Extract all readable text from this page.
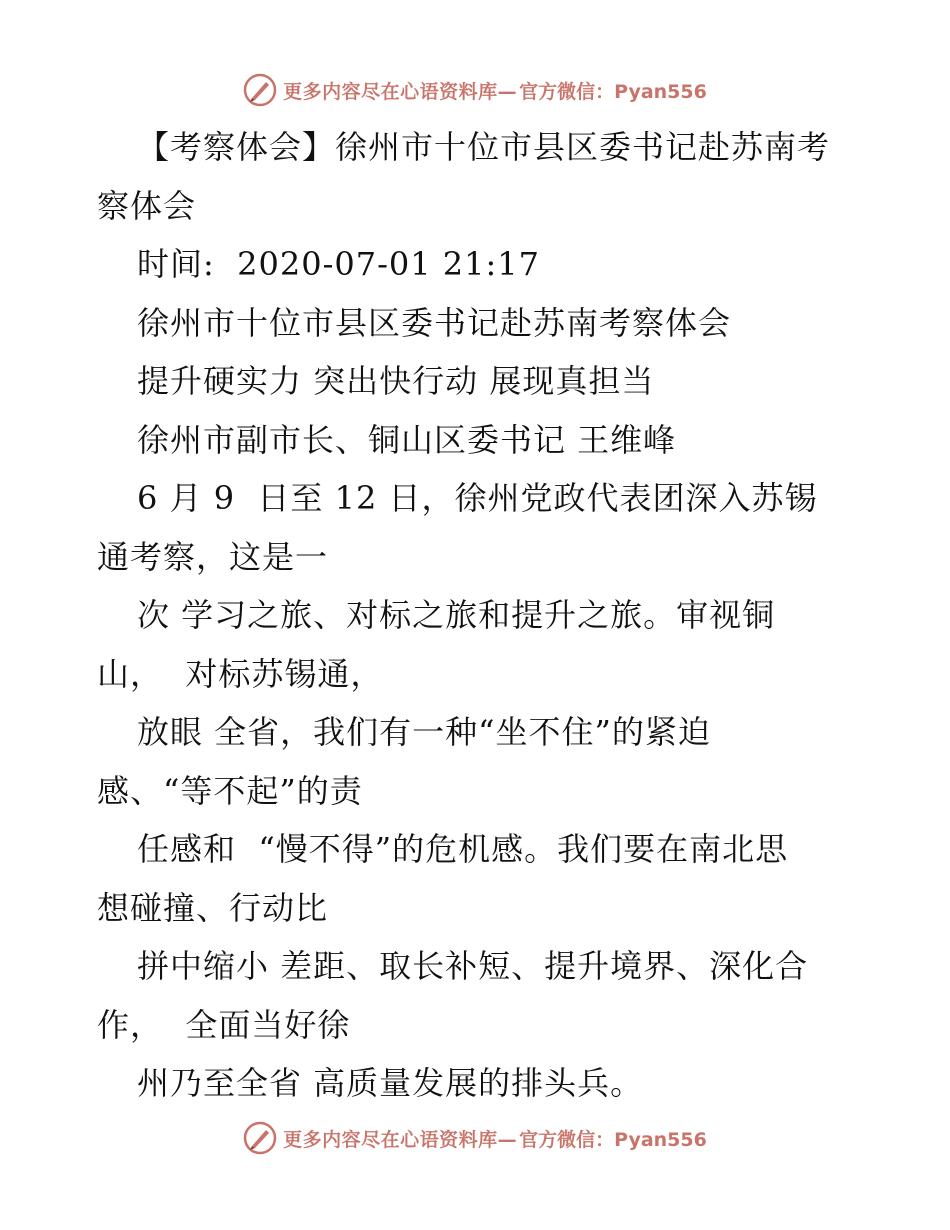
更多内容尽在心语资料库— 官方微信：Pyan556
【考察体会】徐州市十位市县区委书记赴苏南考
察体会
时间:  2020-07-01 21:17
徐州市十位市县区委书记赴苏南考察体会
提升硬实力 突出快行动 展现真担当
徐州市副市长、铜山区委书记 王维峰
6 月 9  日至 12 日，徐州党政代表团深入苏锡
通考察，这是一
次 学习之旅、对标之旅和提升之旅。审视铜
山，  对标苏锡通，
放眼 全省，我们有一种“坐不住”的紧迫
感、“等不起”的责
任感和  “慢不得”的危机感。我们要在南北思
想碰撞、行动比
拼中缩小 差距、取长补短、提升境界、深化合
作，  全面当好徐
州乃至全省 高质量发展的排头兵。
更多内容尽在心语资料库— 官方微信：Pyan556
